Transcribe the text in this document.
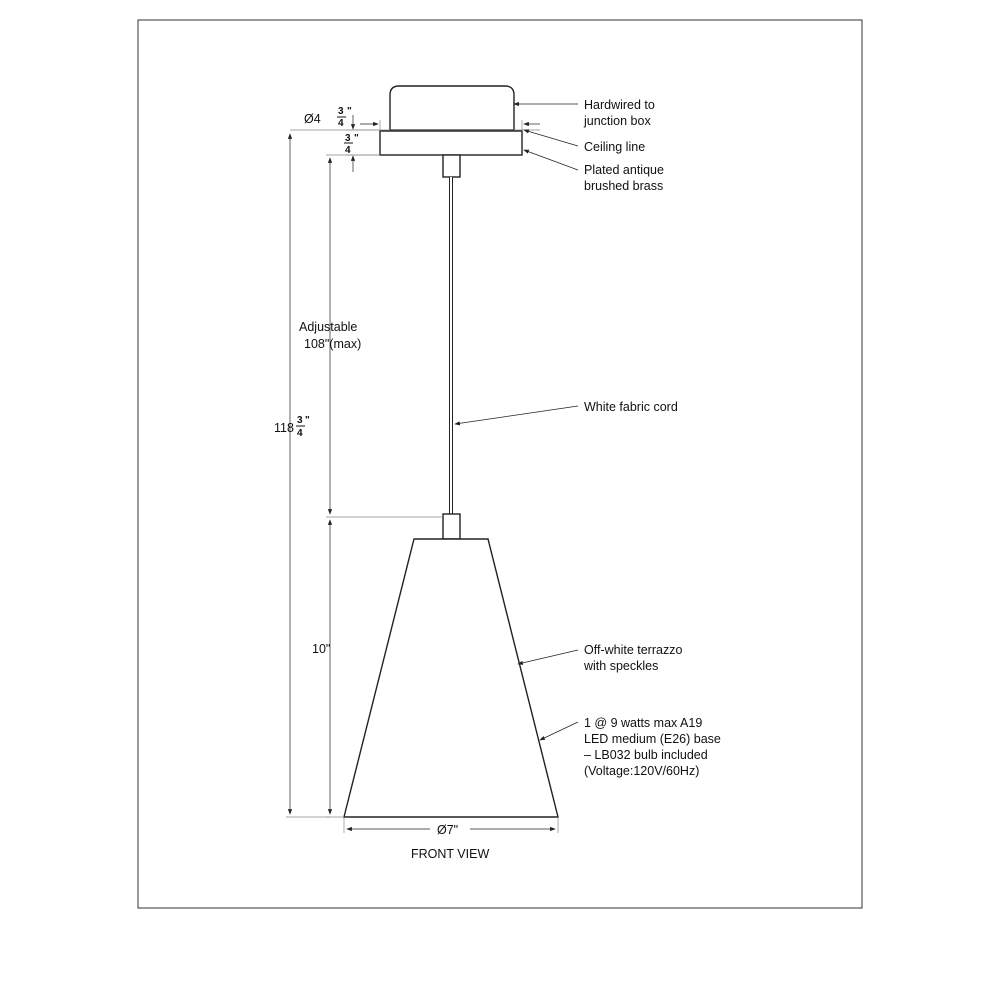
Ø4
3
4
"
3 "
4
Adjustable
108"(max)
10"
118
3
4
"
Ø7"
FRONT VIEW
Hardwired to
junction box
Ceiling line
Plated antique
brushed brass
White fabric cord
Off-white terrazzo
with speckles
1 @ 9 watts max A19
LED medium (E26) base
– LB032 bulb included
(Voltage:120V/60Hz)
